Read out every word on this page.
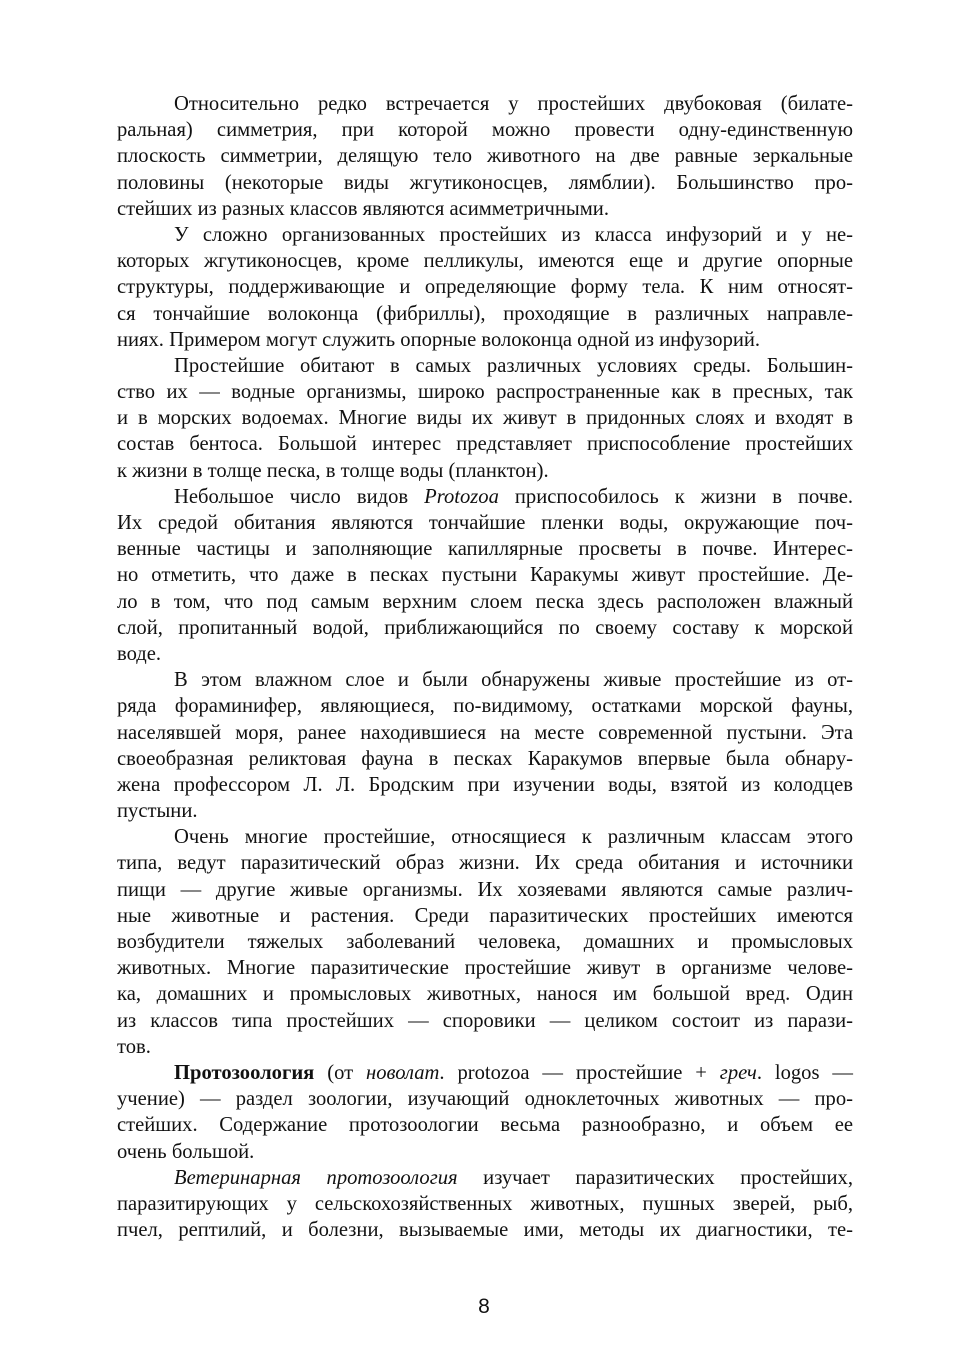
Относительно редко встречается у простейших двубоковая (билате-
ральная) симметрия, при которой можно провести одну-единственную
плоскость симметрии, делящую тело животного на две равные зеркальные
половины (некоторые виды жгутиконосцев, лямблии). Большинство про-
стейших из разных классов являются асимметричными.
У сложно организованных простейших из класса инфузорий и у не-
которых жгутиконосцев, кроме пелликулы, имеются еще и другие опорные
структуры, поддерживающие и определяющие форму тела. К ним относят-
ся тончайшие волоконца (фибриллы), проходящие в различных направле-
ниях. Примером могут служить опорные волоконца одной из инфузорий.
Простейшие обитают в самых различных условиях среды. Большин-
ство их — водные организмы, широко распространенные как в пресных, так
и в морских водоемах. Многие виды их живут в придонных слоях и входят в
состав бентоса. Большой интерес представляет приспособление простейших
к жизни в толще песка, в толще воды (планктон).
Небольшое число видов Protozoa приспособилось к жизни в почве.
Их средой обитания являются тончайшие пленки воды, окружающие поч-
венные частицы и заполняющие капиллярные просветы в почве. Интерес-
но отметить, что даже в песках пустыни Каракумы живут простейшие. Де-
ло в том, что под самым верхним слоем песка здесь расположен влажный
слой, пропитанный водой, приближающийся по своему составу к морской
воде.
В этом влажном слое и были обнаружены живые простейшие из от-
ряда фораминифер, являющиеся, по-видимому, остатками морской фауны,
населявшей моря, ранее находившиеся на месте современной пустыни. Эта
своеобразная реликтовая фауна в песках Каракумов впервые была обнару-
жена профессором Л. Л. Бродским при изучении воды, взятой из колодцев
пустыни.
Очень многие простейшие, относящиеся к различным классам этого
типа, ведут паразитический образ жизни. Их среда обитания и источники
пищи — другие живые организмы. Их хозяевами являются самые различ-
ные животные и растения. Среди паразитических простейших имеются
возбудители тяжелых заболеваний человека, домашних и промысловых
животных. Многие паразитические простейшие живут в организме челове-
ка, домашних и промысловых животных, нанося им большой вред. Один
из классов типа простейших — споровики — целиком состоит из парази-
тов.
Протозоология (от новолат. protozoa — простейшие + греч. logos —
учение) — раздел зоологии, изучающий одноклеточных животных — про-
стейших. Содержание протозоологии весьма разнообразно, и объем ее
очень большой.
Ветеринарная протозоология изучает паразитических простейших,
паразитирующих у сельскохозяйственных животных, пушных зверей, рыб,
пчел, рептилий, и болезни, вызываемые ими, методы их диагностики, те-
8
